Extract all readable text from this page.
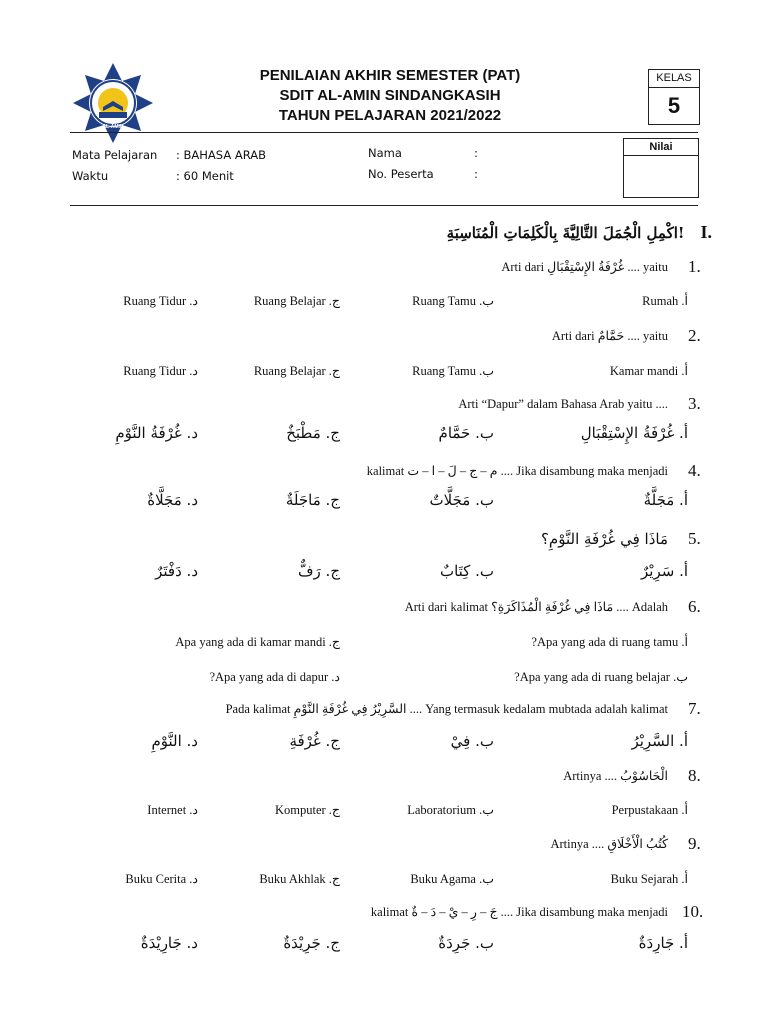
AL-AMIN
PENILAIAN AKHIR SEMESTER (PAT)
SDIT AL-AMIN SINDANGKASIH
TAHUN PELAJARAN 2021/2022
KELAS
5
Mata Pelajaran : BAHASA ARAB
Waktu	: 60 Menit
Nama	:
No. Peserta	:
Nilai
اكْمِلِ الْجُمَلَ التَّالِيَّةَ بِالْكَلِمَاتِ الْمُنَاسِبَةِ! I.
1.
Arti dari غُرْفَةُ الإِسْتِقْبَالِ .... yaitu
أ. Rumah
ب. Ruang Tamu
ج. Ruang Belajar
د. Ruang Tidur
2.
Arti dari حَمَّامٌ .... yaitu
أ. Kamar mandi
ب. Ruang Tamu
ج. Ruang Belajar
د. Ruang Tidur
3.
Arti “Dapur” dalam Bahasa Arab yaitu ....
أ. غُرْفَةُ الإِسْتِقْبَالِ
ب. حَمَّامٌ
ج. مَطْبَخٌ
د. غُرْفَةُ النَّوْمِ
4.
kalimat م – ج – لَ – ا – ت .... Jika disambung maka menjadi
أ. مَجَلَّةٌ
ب. مَجَلَّاتٌ
ج. مَاجَلَةٌ
د. مَجَلَّاةٌ
5.
مَاذَا فِي غُرْفَةِ النَّوْمِ؟
أ. سَرِيْرٌ
ب. كِتَابٌ
ج. رَفٌّ
د. دَفْتَرٌ
6.
Arti dari kalimat مَاذَا فِي غُرْفَةِ الْمُذَاكَرَةِ؟ .... Adalah
أ. Apa yang ada di ruang tamu?
ب. Apa yang ada di ruang belajar?
ج. Apa yang ada di kamar mandi
د. Apa yang ada di dapur?
7.
Pada kalimat السَّرِيْرُ فِي غُرْفَةِ النَّوْمِ .... Yang termasuk kedalam mubtada adalah kalimat
أ. السَّرِيْرُ
ب. فِيْ
ج. غُرْفَةِ
د. النَّوْمِ
8.
الْحَاسُوْبُ .... Artinya
أ. Perpustakaan
ب. Laboratorium
ج. Komputer
د. Internet
9.
كُتُبُ الْأَخْلَاقِ .... Artinya
أ. Buku Sejarah
ب. Buku Agama
ج. Buku Akhlak
د. Buku Cerita
10.
kalimat جَ – رِ – يْ – دَ – ةٌ .... Jika disambung maka menjadi
أ. جَارِدَةٌ
ب. جَرِدَةٌ
ج. جَرِيْدَةٌ
د. جَارِيْدَةٌ
